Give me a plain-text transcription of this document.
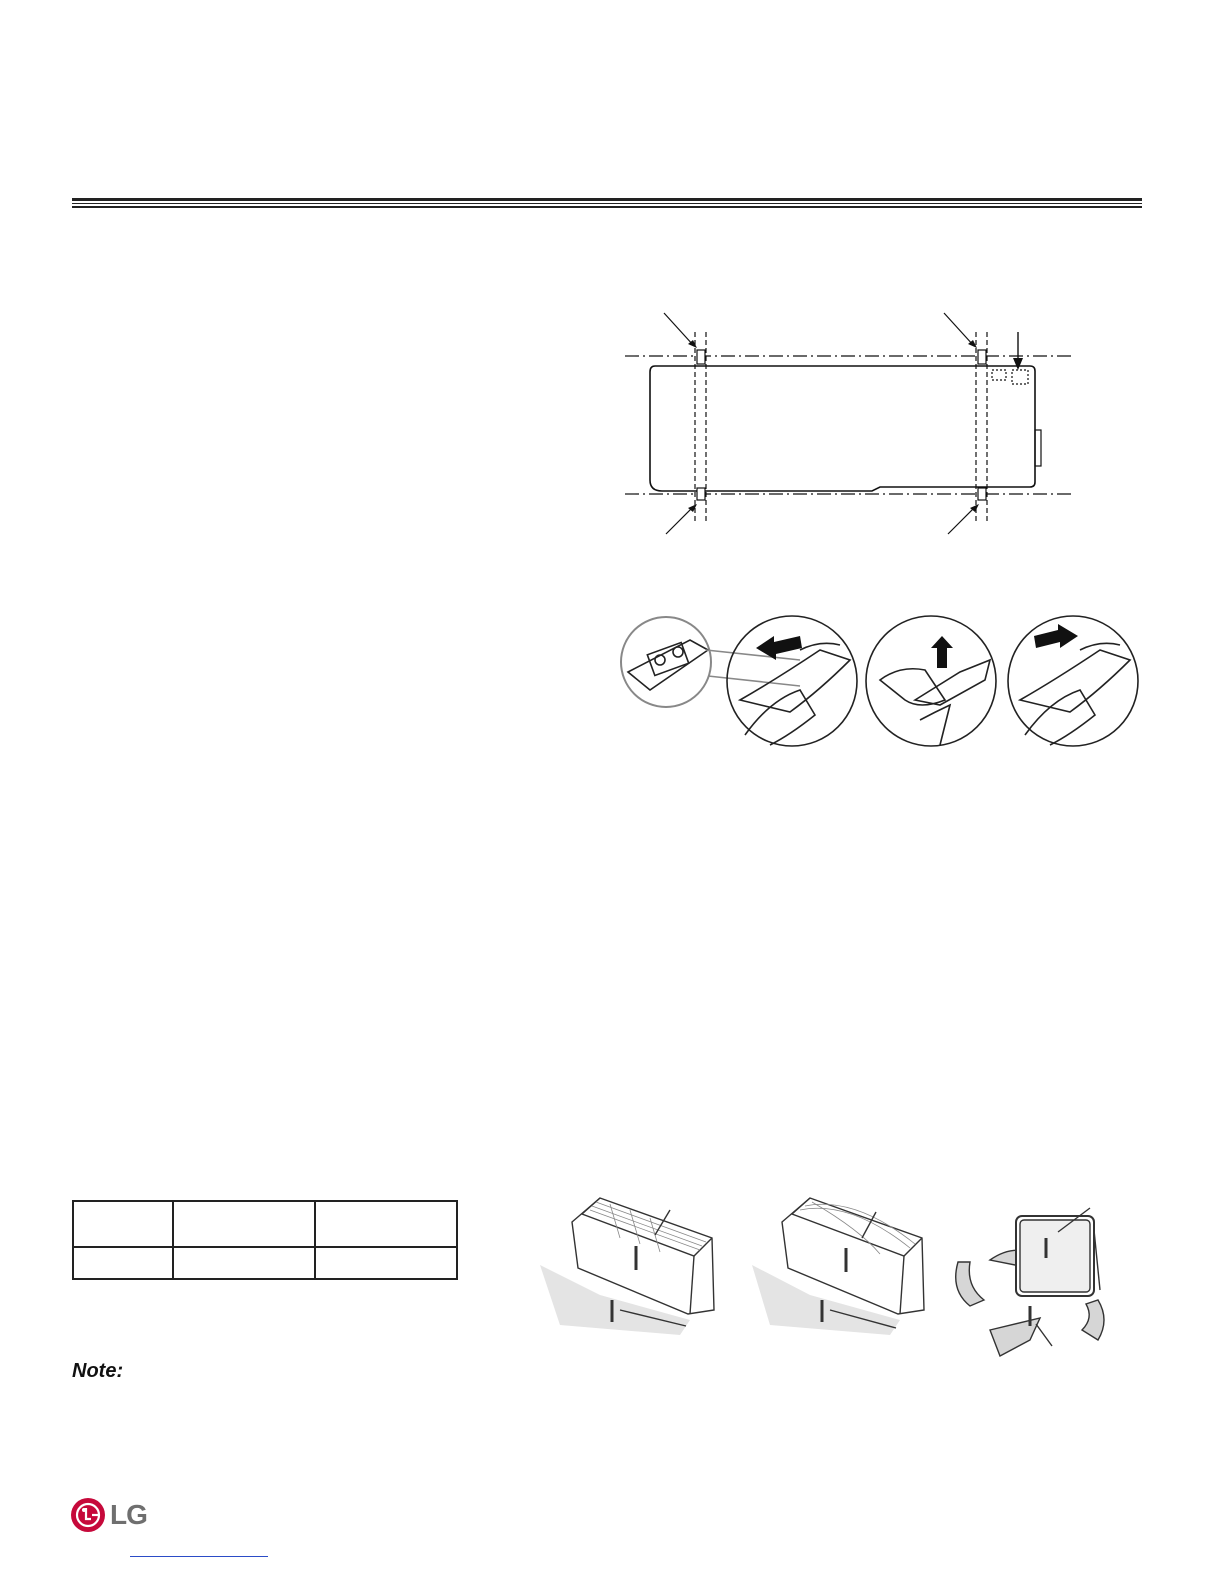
Note:
LG
